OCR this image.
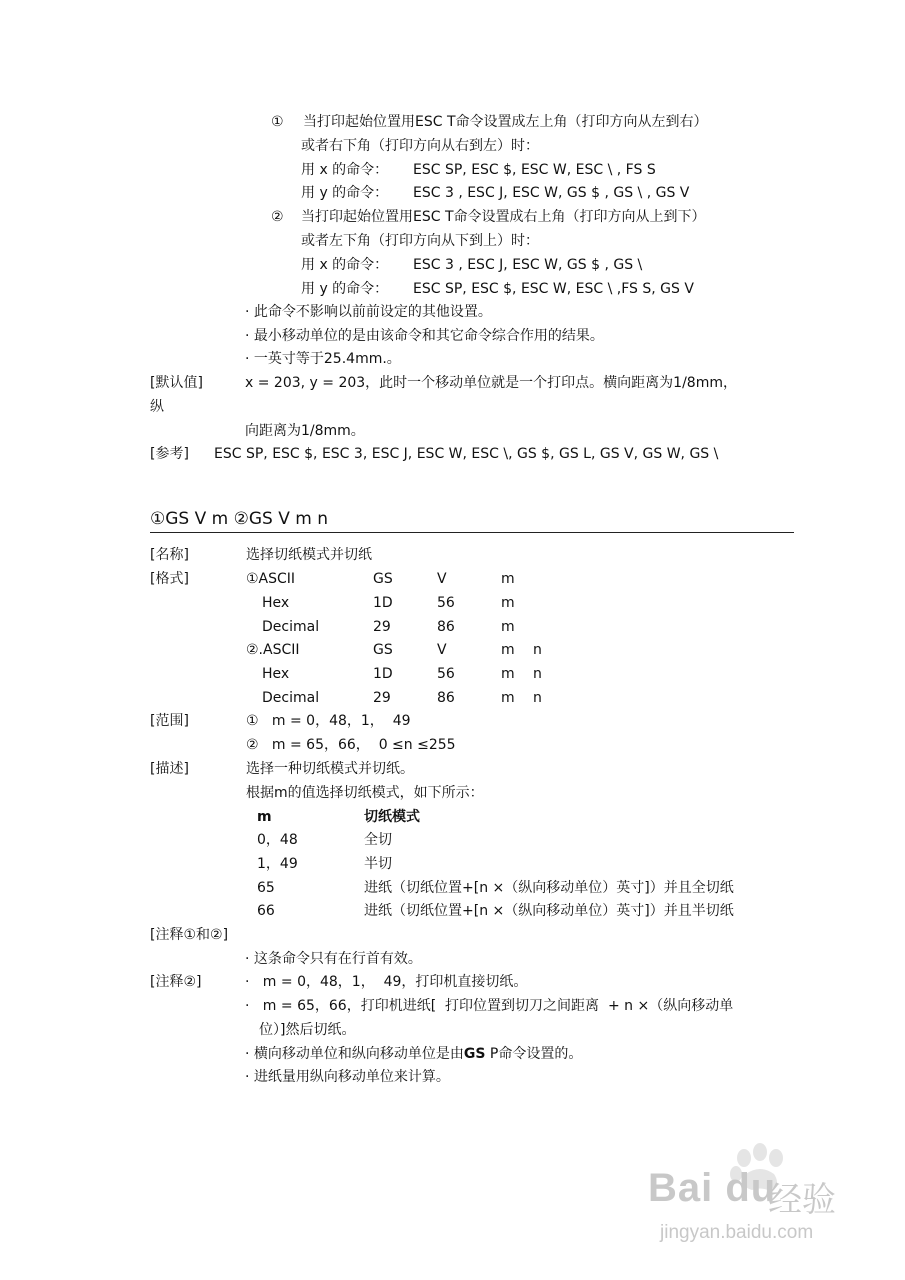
① 当打印起始位置用ESC T命令设置成左上角（打印方向从左到右）
或者右下角（打印方向从右到左）时：
用 x 的命令： ESC SP, ESC $, ESC W, ESC \ , FS S
用 y 的命令： ESC 3 , ESC J, ESC W, GS $ , GS \ , GS V
② 当打印起始位置用ESC T命令设置成右上角（打印方向从上到下）
或者左下角（打印方向从下到上）时：
用 x 的命令： ESC 3 , ESC J, ESC W, GS $ , GS \
用 y 的命令： ESC SP, ESC $, ESC W, ESC \ ,FS S, GS V
· 此命令不影响以前前设定的其他设置。
· 最小移动单位的是由该命令和其它命令综合作用的结果。
· 一英寸等于25.4mm.。
[默认值]	x = 203, y = 203，此时一个移动单位就是一个打印点。横向距离为1/8mm，
纵
向距离为1/8mm。
[参考] ESC SP, ESC $, ESC 3, ESC J, ESC W, ESC \, GS $, GS L, GS V, GS W, GS \
①GS V m ②GS V m n
[名称]	选择切纸模式并切纸
[格式]	①ASCII	GS	V	m
Hex	1D	56	m
Decimal	29	86	m
②.ASCII	GS	V	m n
Hex	1D	56	m n
Decimal	29	86	m n
[范围]	①   m = 0，48，1，  49
②   m = 65，66，  0 ≤n ≤255
[描述]	选择一种切纸模式并切纸。
根据m的值选择切纸模式，如下所示：
m	切纸模式
0，48	全切
1，49	半切
65	进纸（切纸位置+[n ×（纵向移动单位）英寸]）并且全切纸
66	进纸（切纸位置+[n ×（纵向移动单位）英寸]）并且半切纸
[注释①和②]
· 这条命令只有在行首有效。
[注释②]	·   m = 0，48，1，  49，打印机直接切纸。
·   m = 65，66，打印机进纸[  打印位置到切刀之间距离  + n ×（纵向移动单
位）]然后切纸。
· 横向移动单位和纵向移动单位是由GS P命令设置的。
· 进纸量用纵向移动单位来计算。
Bai du
经验
jingyan.baidu.com
